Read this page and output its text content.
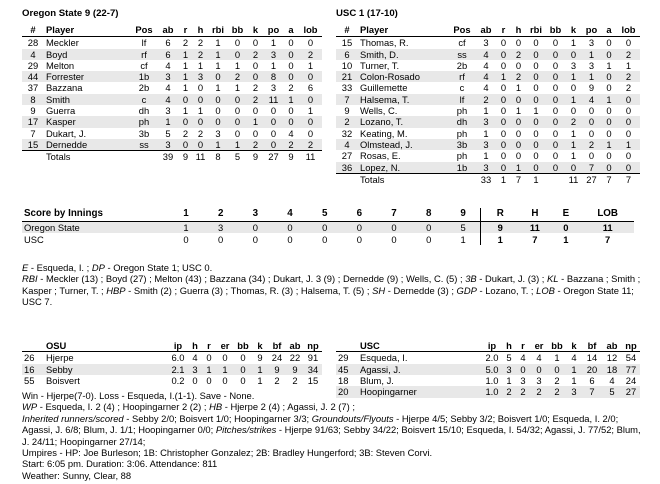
Oregon State 9 (22-7)	USC 1 (17-10)
#	Player	Pos	ab	r	h	rbi	bb	k	po	a	lob
28	Meckler	lf	6	2	2	1	0	0	1	0	0
4	Boyd	rf	6	1	2	1	0	2	3	0	2
29	Melton	cf	4	1	1	1	1	0	1	0	1
44	Forrester	1b	3	1	3	0	2	0	8	0	0
37	Bazzana	2b	4	1	0	1	1	2	3	2	6
8	Smith	c	4	0	0	0	0	2	11	1	0
9	Guerra	dh	3	1	1	0	0	0	0	0	1
17	Kasper	ph	1	0	0	0	0	1	0	0	0
7	Dukart, J.	3b	5	2	2	3	0	0	0	4	0
15	Dernedde	ss	3	0	0	1	1	2	0	2	2
	Totals		39	9	11	8	5	9	27	9	11
#	Player	Pos	ab	r	h	rbi	bb	k	po	a	lob
15	Thomas, R.	cf	3	0	0	0	0	1	3	0	0
6	Smith, D.	ss	4	0	2	0	0	0	1	0	2
10	Turner, T.	2b	4	0	0	0	0	3	3	1	1
21	Colon-Rosado	rf	4	1	2	0	0	1	1	0	2
33	Guillemette	c	4	0	1	0	0	0	9	0	2
7	Halsema, T.	lf	2	0	0	0	0	1	4	1	0
9	Wells, C.	ph	1	0	1	1	0	0	0	0	0
2	Lozano, T.	dh	3	0	0	0	0	2	0	0	0
32	Keating, M.	ph	1	0	0	0	0	1	0	0	0
4	Olmstead, J.	3b	3	0	0	0	0	1	2	1	1
27	Rosas, E.	ph	1	0	0	0	0	1	0	0	0
36	Lopez, N.	1b	3	0	1	0	0	0	7	0	0
	Totals		33	1	7	1		11	27	7	7
Score by Innings	1	2	3	4	5	6	7	8	9	R	H	E	LOB
Oregon State	1	3	0	0	0	0	0	0	5	9	11	0	11
USC	0	0	0	0	0	0	0	0	1	1	7	1	7
E - Esqueda, I. ; DP - Oregon State 1; USC 0.
RBI - Meckler (13) ; Boyd (27) ; Melton (43) ; Bazzana (34) ; Dukart, J. 3 (9) ; Dernedde (9) ; Wells, C. (5) ; 3B - Dukart, J. (3) ; KL - Bazzana ; Smith ; Kasper ; Turner, T. ; HBP - Smith (2) ; Guerra (3) ; Thomas, R. (3) ; Halsema, T. (5) ; SH - Dernedde (3) ; GDP - Lozano, T. ; LOB - Oregon State 11; USC 7.
	OSU	ip	h	r	er	bb	k	bf	ab	np
26	Hjerpe	6.0	4	0	0	0	9	24	22	91
16	Sebby	2.1	3	1	1	0	1	9	9	34
55	Boisvert	0.2	0	0	0	0	1	2	2	15
	USC	ip	h	r	er	bb	k	bf	ab	np
29	Esqueda, I.	2.0	5	4	4	1	4	14	12	54
45	Agassi, J.	5.0	3	0	0	0	1	20	18	77
18	Blum, J.	1.0	1	3	3	2	1	6	4	24
20	Hoopingarner	1.0	2	2	2	2	3	7	5	27
Win - Hjerpe(7-0). Loss - Esqueda, I.(1-1). Save - None.
WP - Esqueda, I. 2 (4) ; Hoopingarner 2 (2) ; HB - Hjerpe 2 (4) ; Agassi, J. 2 (7) ;
Inherited runners/scored - Sebby 2/0; Boisvert 1/0; Hoopingarner 3/3; Groundouts/Flyouts - Hjerpe 4/5; Sebby 3/2; Boisvert 1/0; Esqueda, I. 2/0; Agassi, J. 6/8; Blum, J. 1/1; Hoopingarner 0/0; Pitches/strikes - Hjerpe 91/63; Sebby 34/22; Boisvert 15/10; Esqueda, I. 54/32; Agassi, J. 77/52; Blum, J. 24/11; Hoopingarner 27/14;
Umpires - HP: Joe Burleson; 1B: Christopher Gonzalez; 2B: Bradley Hungerford; 3B: Steven Corvi.
Start: 6:05 pm. Duration: 3:06. Attendance: 811
Weather: Sunny, Clear, 88
